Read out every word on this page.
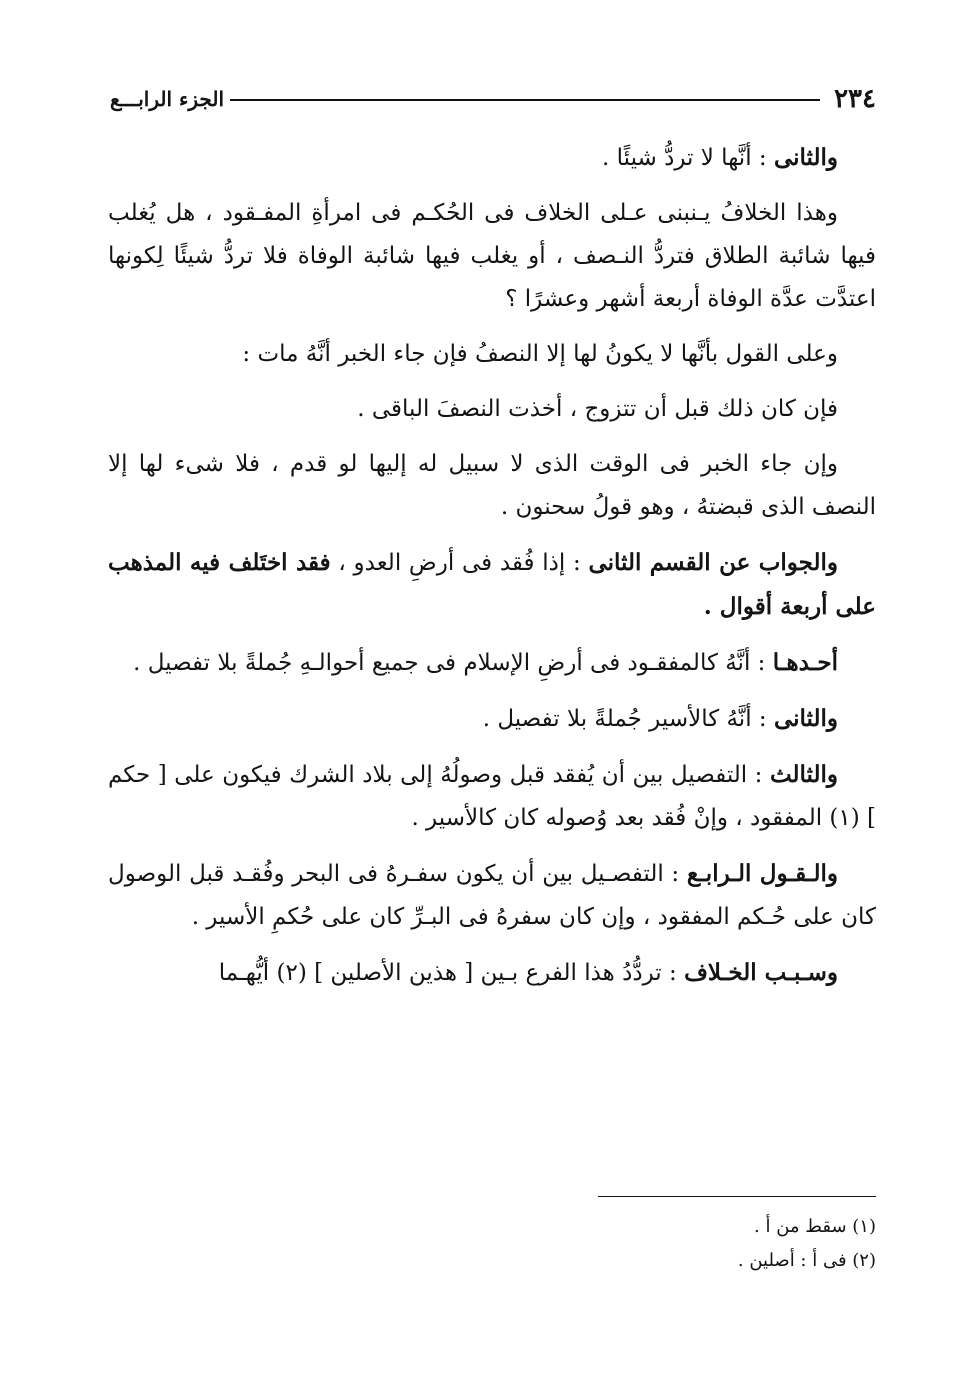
٢٣٤
الجزء الرابـــع

والثانى : أنَّها لا تردُّ شيئًا .

وهذا الخلافُ يـنبنى عـلى الخلاف فى الحُكـم فى امرأةِ المفـقود ، هل يُغلب فيها شائبة الطلاق فتردُّ النـصف ، أو يغلب فيها شائبة الوفاة فلا تردُّ شيئًا لِكونها اعتدَّت عدَّة الوفاة أربعة أشهر وعشرًا ؟

وعلى القول بأنَّها لا يكونُ لها إلا النصفُ فإن جاء الخبر أنَّهُ مات :

فإن كان ذلك قبل أن تتزوج ، أخذت النصفَ الباقى .

وإن جاء الخبر فى الوقت الذى لا سبيل له إليها لو قدم ، فلا شىء لها إلا النصف الذى قبضتهُ ، وهو قولُ سحنون .

والجواب عن القسم الثانى : إذا فُقد فى أرضِ العدو ، فقد اختَلف فيه المذهب على أربعة أقوال .

أحـدهـا : أنَّهُ كالمفقـود فى أرضِ الإسلام فى جميع أحوالـهِ جُملةً بلا تفصيل .

والثانى : أنَّهُ كالأسير جُملةً بلا تفصيل .

والثالث : التفصيل بين أن يُفقد قبل وصولُهُ إلى بلاد الشرك فيكون على [ حكم ] (١) المفقود ، وإنْ فُقد بعد وُصوله كان كالأسير .

والـقـول الـرابـع : التفصـيل بين أن يكون سفـرهُ فى البحر وفُقـد قبل الوصول كان على حُـكم المفقود ، وإن كان سفرهُ فى البـرِّ كان على حُكمِ الأسير .

وسـبـب الخـلاف : تردُّدُ هذا الفرع بـين [ هذين الأصلين ] (٢) أيُّهـما

(١) سقط من أ .

(٢) فى أ : أصلين .
